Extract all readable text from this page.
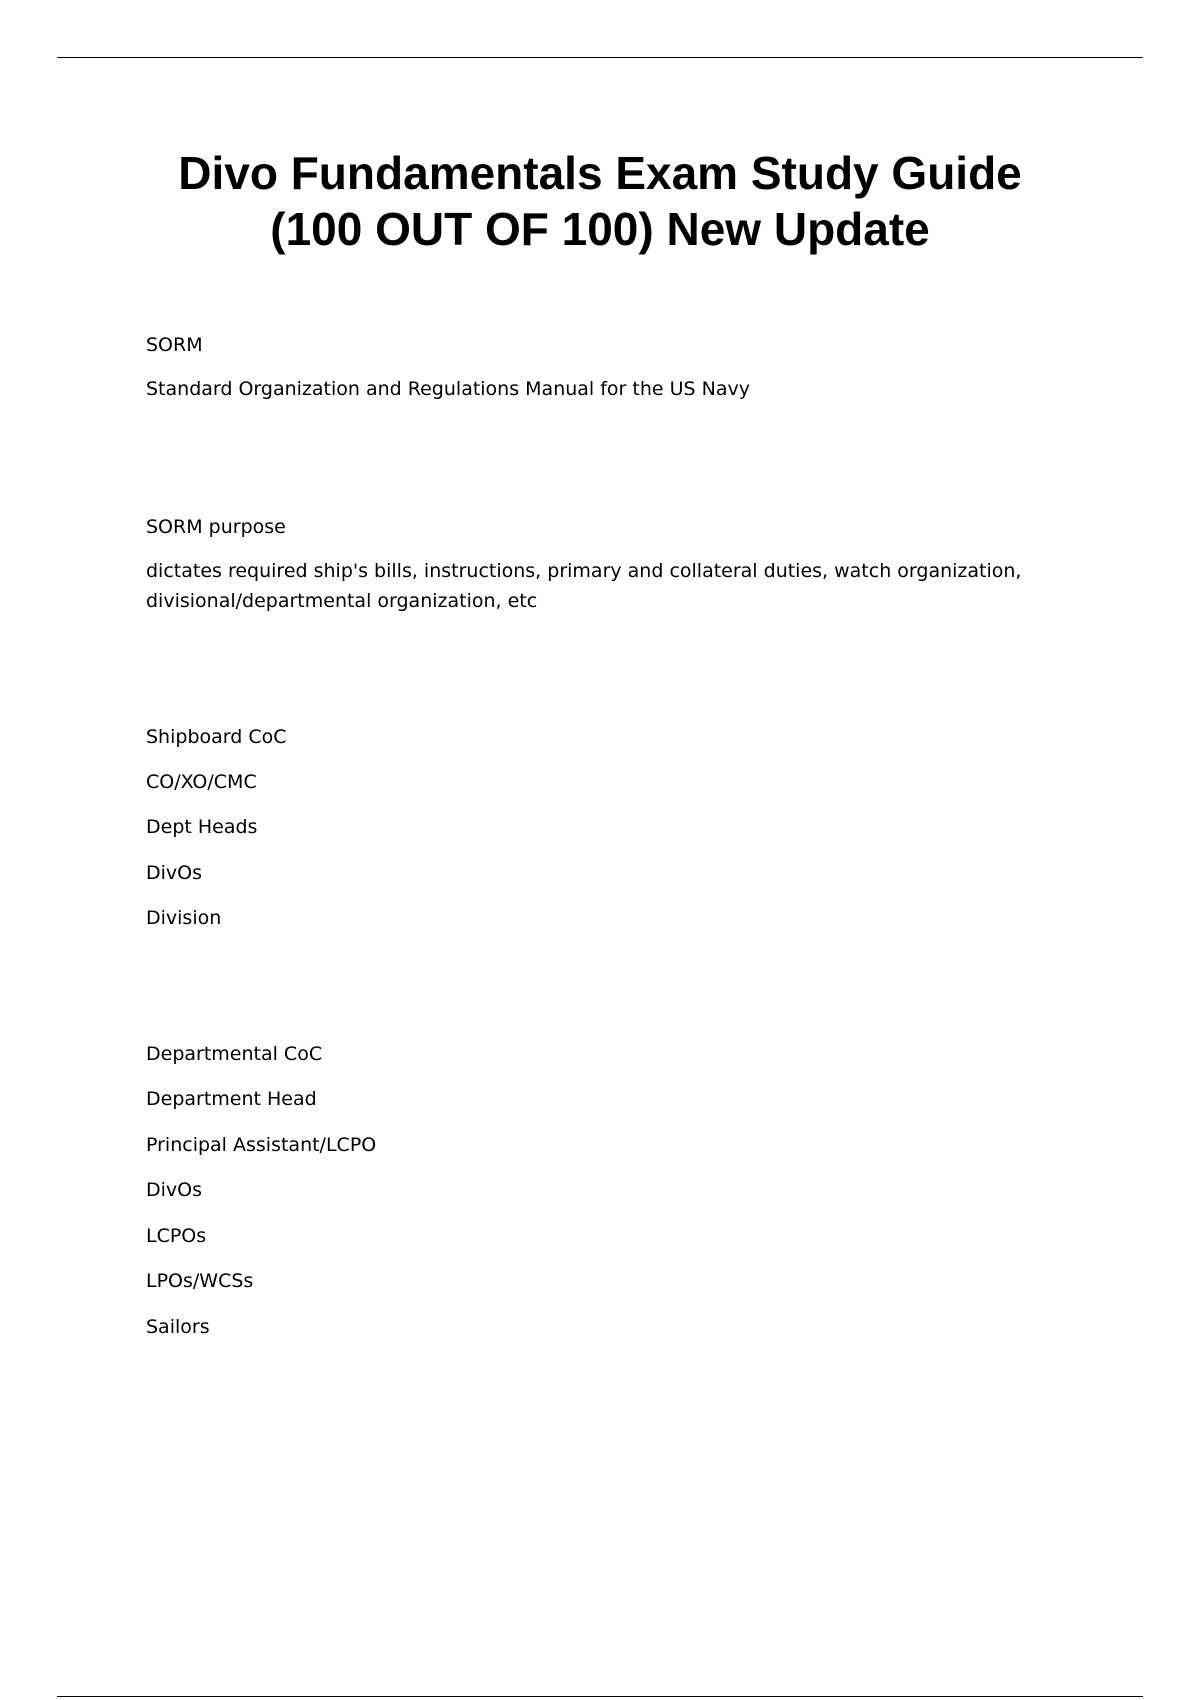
Divo Fundamentals Exam Study Guide
(100 OUT OF 100) New Update

SORM

Standard Organization and Regulations Manual for the US Navy

SORM purpose

dictates required ship's bills, instructions, primary and collateral duties, watch organization,

divisional/departmental organization, etc

Shipboard CoC

CO/XO/CMC

Dept Heads

DivOs

Division

Departmental CoC

Department Head

Principal Assistant/LCPO

DivOs

LCPOs

LPOs/WCSs

Sailors
